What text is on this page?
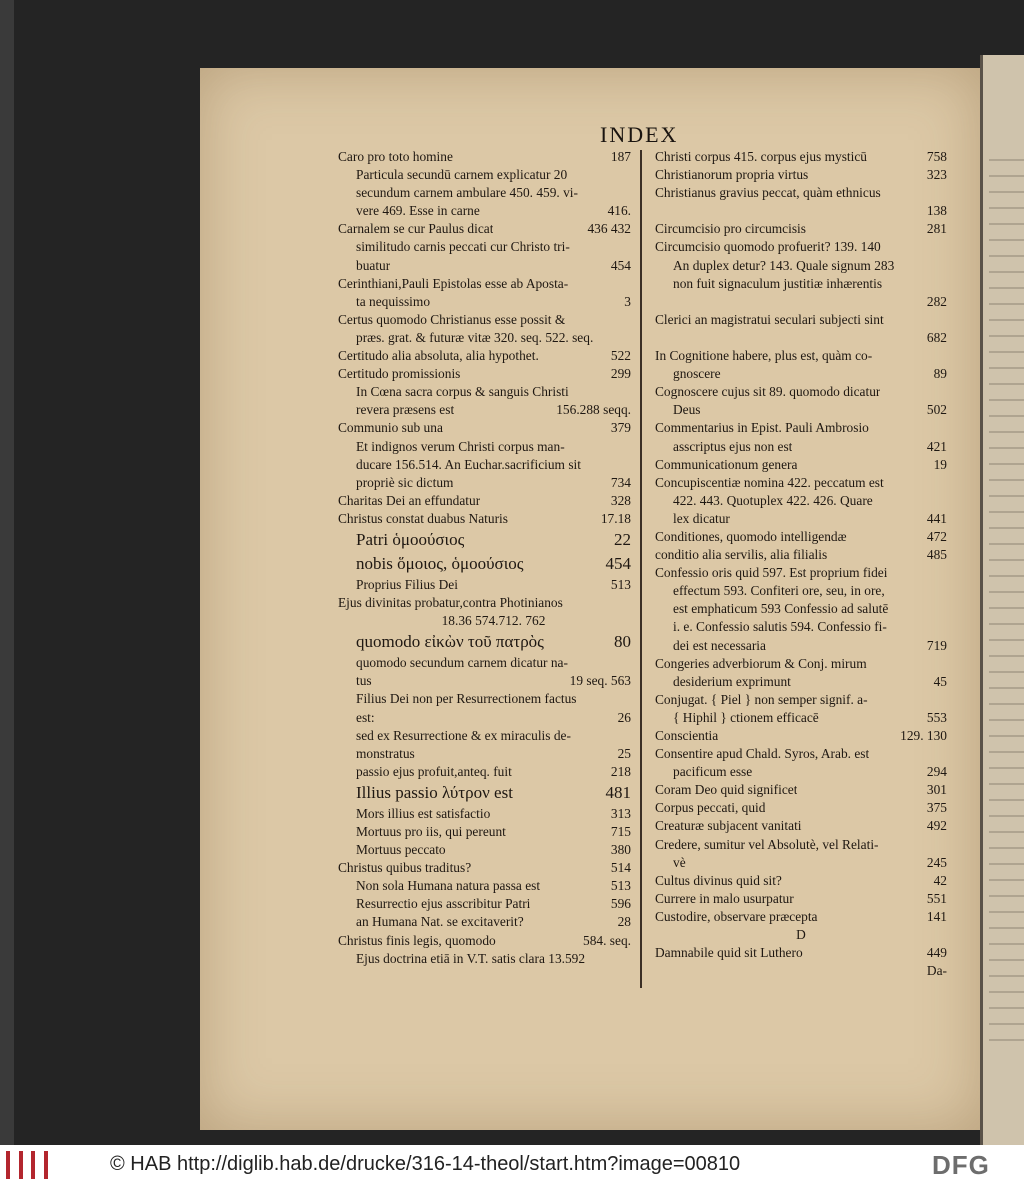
INDEX
Caro pro toto homine	187
Particula secundū carnem explicatur 20
secundum carnem ambulare 450. 459. vi-
vere 469. Esse in carne	416.
Carnalem se cur Paulus dicat	436 432
similitudo carnis peccati cur Christo tri-
buatur	454
Cerinthiani,Pauli Epistolas esse ab Aposta-
ta nequissimo	3
Certus quomodo Christianus esse possit &
præs. grat. & futuræ vitæ 320. seq. 522. seq.
Certitudo alia absoluta, alia hypothet.	522
Certitudo promissionis	299
In Cœna sacra corpus & sanguis Christi
revera præsens est	156.288 seqq.
Communio sub una	379
Et indignos verum Christi corpus man-
ducare 156.514. An Euchar.sacrificium sit
propriè sic dictum	734
Charitas Dei an effundatur	328
Christus constat duabus Naturis	17.18
Patri ὁμοούσιος	22
nobis ὅμοιος, ὁμοούσιος	454
Proprius Filius Dei	513
Ejus divinitas probatur,contra Photinianos
18.36 574.712. 762
quomodo εἰκὼν τοῦ πατρὸς	80
quomodo secundum carnem dicatur na-
tus	19 seq. 563
Filius Dei non per Resurrectionem factus
est:	26
sed ex Resurrectione & ex miraculis de-
monstratus	25
passio ejus profuit,anteq. fuit	218
Illius passio λύτρον est	481
Mors illius est satisfactio	313
Mortuus pro iis, qui pereunt	715
Mortuus peccato	380
Christus quibus traditus?	514
Non sola Humana natura passa est	513
Resurrectio ejus asscribitur Patri	596
an Humana Nat. se excitaverit?	28
Christus finis legis, quomodo	584. seq.
Ejus doctrina etiā in V.T. satis clara 13.592
Christi corpus 415. corpus ejus mysticū	758
Christianorum propria virtus	323
Christianus gravius peccat, quàm ethnicus
138
Circumcisio pro circumcisis	281
Circumcisio quomodo profuerit? 139. 140
An duplex detur? 143. Quale signum 283
non fuit signaculum justitiæ inhærentis
282
Clerici an magistratui seculari subjecti sint
682
In Cognitione habere, plus est, quàm co-
gnoscere	89
Cognoscere cujus sit 89. quomodo dicatur
Deus	502
Commentarius in Epist. Pauli Ambrosio
asscriptus ejus non est	421
Communicationum genera	19
Concupiscentiæ nomina 422. peccatum est
422. 443. Quotuplex 422. 426. Quare
lex dicatur	441
Conditiones, quomodo intelligendæ	472
conditio alia servilis, alia filialis	485
Confessio oris quid 597. Est proprium fidei
effectum 593. Confiteri ore, seu, in ore,
est emphaticum 593 Confessio ad salutē
i. e. Confessio salutis 594. Confessio fi-
dei est necessaria	719
Congeries adverbiorum & Conj. mirum
desiderium exprimunt	45
Conjugat. { Piel } non semper signif. a-
{ Hiphil } ctionem efficacē	553
Conscientia	129. 130
Consentire apud Chald. Syros, Arab. est
pacificum esse	294
Coram Deo quid significet	301
Corpus peccati, quid	375
Creaturæ subjacent vanitati	492
Credere, sumitur vel Absolutè, vel Relati-
vè	245
Cultus divinus quid sit?	42
Currere in malo usurpatur	551
Custodire, observare præcepta	141
D
Damnabile quid sit Luthero	449
Da-
© HAB http://diglib.hab.de/drucke/316-14-theol/start.htm?image=00810	DFG
